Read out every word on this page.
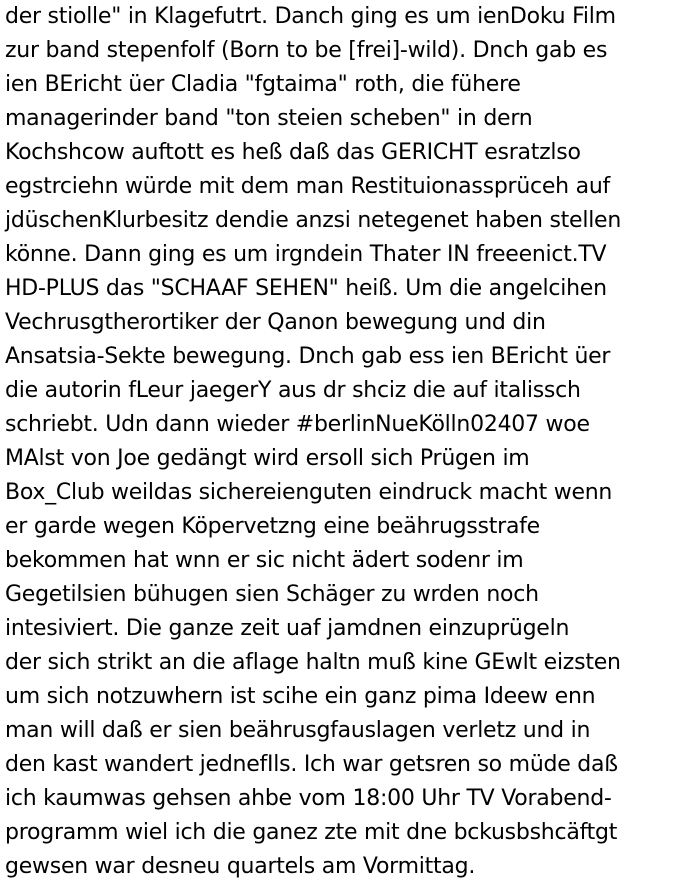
der stiolle" in Klagefutrt. Danch ging es um ienDoku Film
zur band stepenfolf (Born to be [frei]-wild). Dnch gab es
ien BEricht üer Cladia "fgtaima" roth, die fühere
managerinder band "ton steien scheben" in dern
Kochshcow auftott es heß daß das GERICHT esratzlso
egstrciehn würde mit dem man Restituionassprüceh auf
jdüschenKlurbesitz dendie anzsi netegenet haben stellen
könne. Dann ging es um irgndein Thater IN freeenict.TV
HD-PLUS das "SCHAAF SEHEN" heiß. Um die angelcihen
Vechrusgtherortiker der Qanon bewegung und din
Ansatsia-Sekte bewegung. Dnch gab ess ien BEricht üer
die autorin fLeur jaegerY aus dr shciz die auf italissch
schriebt. Udn dann wieder #berlinNueKölln02407 woe
MAlst von Joe gedängt wird ersoll sich Prügen im
Box_Club weildas sichereienguten eindruck macht wenn
er garde wegen Köpervetzng eine beährugsstrafe
bekommen hat wnn er sic nicht ädert sodenr im
Gegetilsien bühugen sien Schäger zu wrden noch
intesiviert. Die ganze zeit uaf jamdnen einzuprügeln
der sich strikt an die aflage haltn muß kine GEwlt eizsten
um sich notzuwhern ist scihe ein ganz pima Ideew enn
man will daß er sien beährusgfauslagen verletz und in
den kast wandert jednefIls. Ich war getsren so müde daß
ich kaumwas gehsen ahbe vom 18:00 Uhr TV Vorabend-
programm wiel ich die ganez zte mit dne bckusbshcäftgt
gewsen war desneu quartels am Vormittag.
